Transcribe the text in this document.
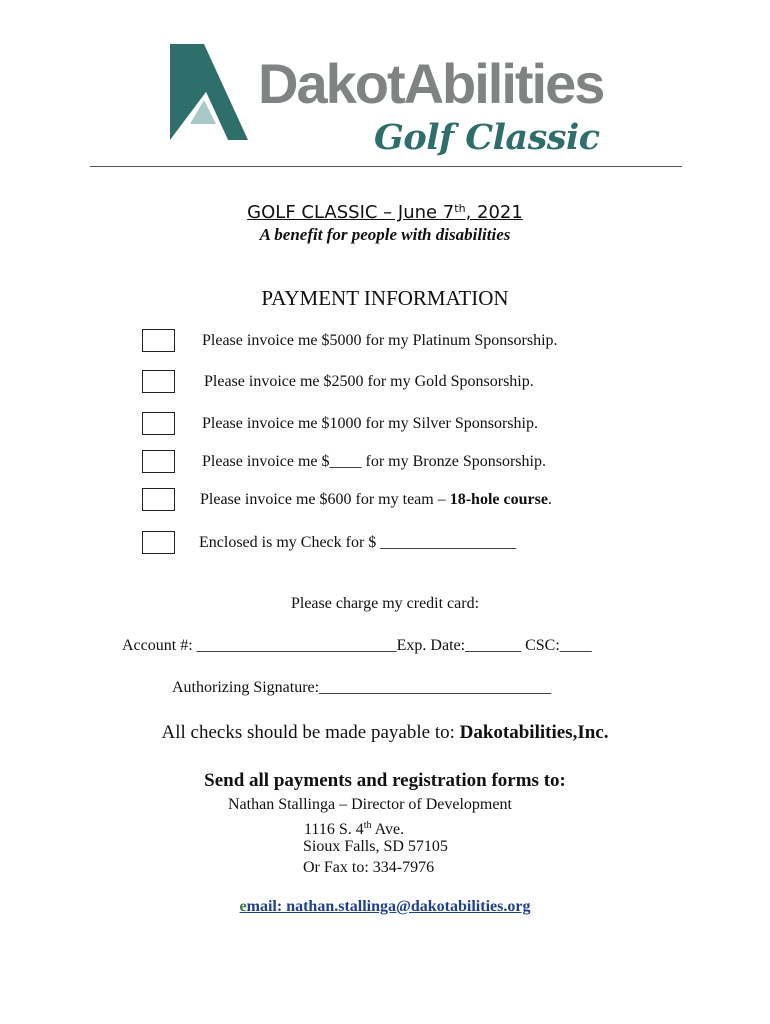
DakotAbilities
Golf Classic
GOLF CLASSIC – June 7th, 2021
A benefit for people with disabilities
PAYMENT INFORMATION
Please invoice me $5000 for my Platinum Sponsorship.
Please invoice me $2500 for my Gold Sponsorship.
Please invoice me $1000 for my Silver Sponsorship.
Please invoice me $____ for my Bronze Sponsorship.
Please invoice me $600 for my team – 18-hole course.
Enclosed is my Check for $ _________________
Please charge my credit card:
Account #: _________________________Exp. Date:_______ CSC:____
Authorizing Signature:_____________________________
All checks should be made payable to: Dakotabilities,Inc.
Send all payments and registration forms to:
Nathan Stallinga – Director of Development
1116 S. 4th Ave.
Sioux Falls, SD 57105
Or Fax to: 334-7976
email: nathan.stallinga@dakotabilities.org
